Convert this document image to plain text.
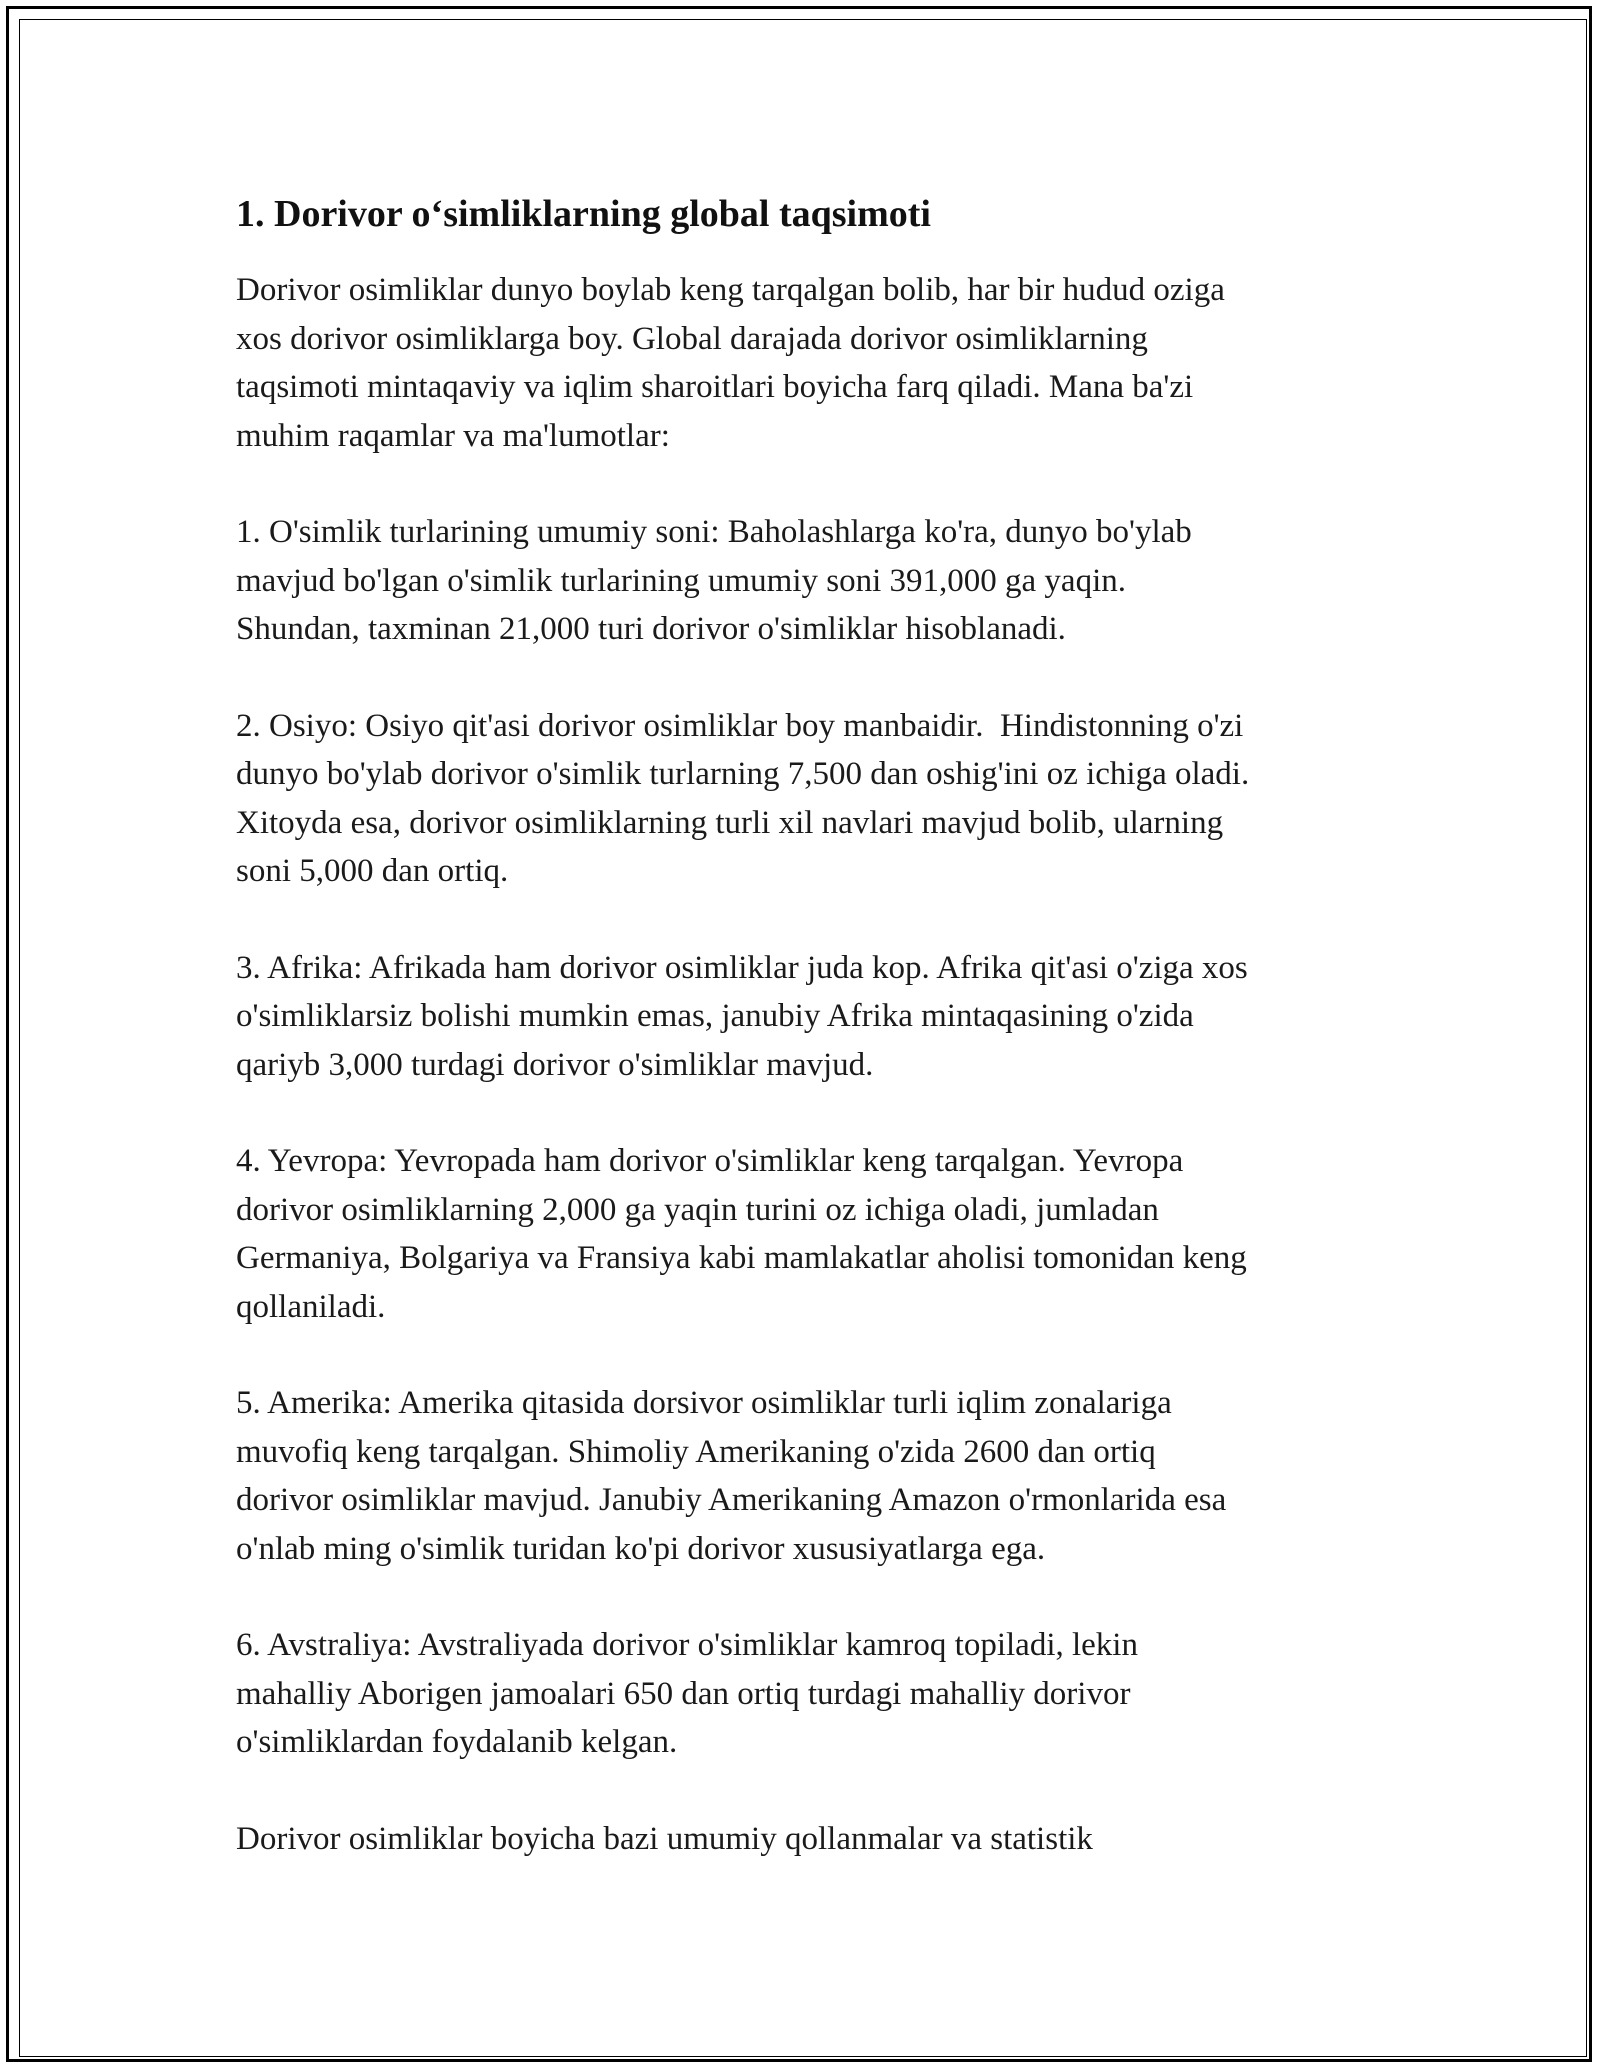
1. Dorivor o‘simliklarning global taqsimoti

Dorivor osimliklar dunyo boylab keng tarqalgan bolib, har bir hudud oziga
xos dorivor osimliklarga boy. Global darajada dorivor osimliklarning
taqsimoti mintaqaviy va iqlim sharoitlari boyicha farq qiladi. Mana ba'zi
muhim raqamlar va ma'lumotlar:

1. O'simlik turlarining umumiy soni: Baholashlarga ko'ra, dunyo bo'ylab
mavjud bo'lgan o'simlik turlarining umumiy soni 391,000 ga yaqin.
Shundan, taxminan 21,000 turi dorivor o'simliklar hisoblanadi.

2. Osiyo: Osiyo qit'asi dorivor osimliklar boy manbaidir.  Hindistonning o'zi
dunyo bo'ylab dorivor o'simlik turlarning 7,500 dan oshig'ini oz ichiga oladi.
Xitoyda esa, dorivor osimliklarning turli xil navlari mavjud bolib, ularning
soni 5,000 dan ortiq.

3. Afrika: Afrikada ham dorivor osimliklar juda kop. Afrika qit'asi o'ziga xos
o'simliklarsiz bolishi mumkin emas, janubiy Afrika mintaqasining o'zida
qariyb 3,000 turdagi dorivor o'simliklar mavjud.

4. Yevropa: Yevropada ham dorivor o'simliklar keng tarqalgan. Yevropa
dorivor osimliklarning 2,000 ga yaqin turini oz ichiga oladi, jumladan
Germaniya, Bolgariya va Fransiya kabi mamlakatlar aholisi tomonidan keng
qollaniladi.

5. Amerika: Amerika qitasida dorsivor osimliklar turli iqlim zonalariga
muvofiq keng tarqalgan. Shimoliy Amerikaning o'zida 2600 dan ortiq
dorivor osimliklar mavjud. Janubiy Amerikaning Amazon o'rmonlarida esa
o'nlab ming o'simlik turidan ko'pi dorivor xususiyatlarga ega.

6. Avstraliya: Avstraliyada dorivor o'simliklar kamroq topiladi, lekin
mahalliy Aborigen jamoalari 650 dan ortiq turdagi mahalliy dorivor
o'simliklardan foydalanib kelgan.

Dorivor osimliklar boyicha bazi umumiy qollanmalar va statistik
